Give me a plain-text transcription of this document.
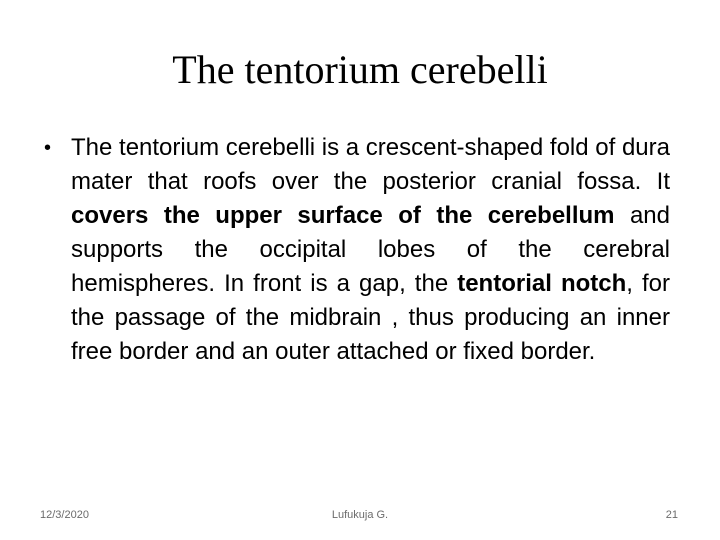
The tentorium cerebelli

• The tentorium cerebelli is a crescent-shaped fold of dura mater that roofs over the posterior cranial fossa. It covers the upper surface of the cerebellum and supports the occipital lobes of the cerebral hemispheres. In front is a gap, the tentorial notch, for the passage of the midbrain , thus producing an inner free border and an outer attached or fixed border.

12/3/2020	Lufukuja G.	21
